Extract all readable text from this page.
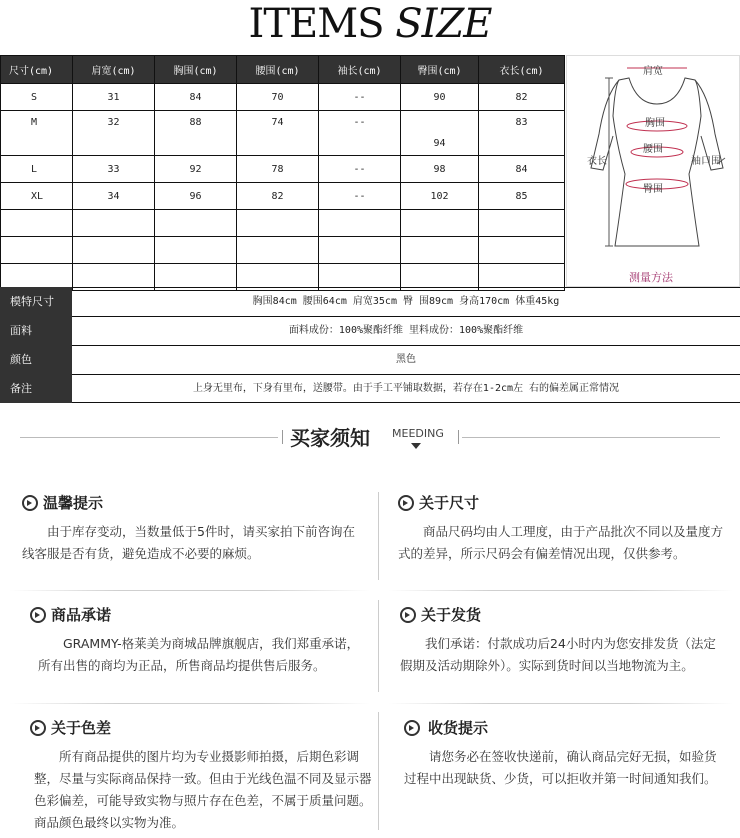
ITEMS SIZE
尺寸(cm)	肩宽(cm)	胸围(cm)	腰围(cm)	袖长(cm)	臀围(cm)	衣长(cm)
S	31	84	70	--	90	82
M	32	88	74	--	94	83
L	33	92	78	--	98	84
XL	34	96	82	--	102	85

肩宽
胸围
腰围
臀围
衣长	袖口围
测量方法
模特尺寸	胸围84cm 腰围64cm 肩宽35cm 臀 围89cm 身高170cm 体重45kg
面料	面料成份：100%聚酯纤维 里料成份：100%聚酯纤维
颜色	黑色
备注	上身无里布，下身有里布，送腰带。由于手工平铺取数据，若存在1-2cm左 右的偏差属正常情况
买家须知 MEEDING
温馨提示

由于库存变动，当数量低于5件时，请买家拍下前咨询在线客服是否有货，避免造成不必要的麻烦。

关于尺寸

商品尺码均由人工理度，由于产品批次不同以及量度方式的差异，所示尺码会有偏差情况出现，仅供参考。

商品承诺

GRAMMY-格莱美为商城品牌旗舰店，我们郑重承诺，所有出售的商均为正品，所售商品均提供售后服务。

关于发货

我们承诺：付款成功后24小时内为您安排发货（法定假期及活动期除外）。实际到货时间以当地物流为主。

关于色差

所有商品提供的图片均为专业摄影师拍摄，后期色彩调整，尽量与实际商品保持一致。但由于光线色温不同及显示器色彩偏差，可能导致实物与照片存在色差，不属于质量问题。商品颜色最终以实物为准。

收货提示

请您务必在签收快递前，确认商品完好无损，如验货过程中出现缺货、少货，可以拒收并第一时间通知我们。
